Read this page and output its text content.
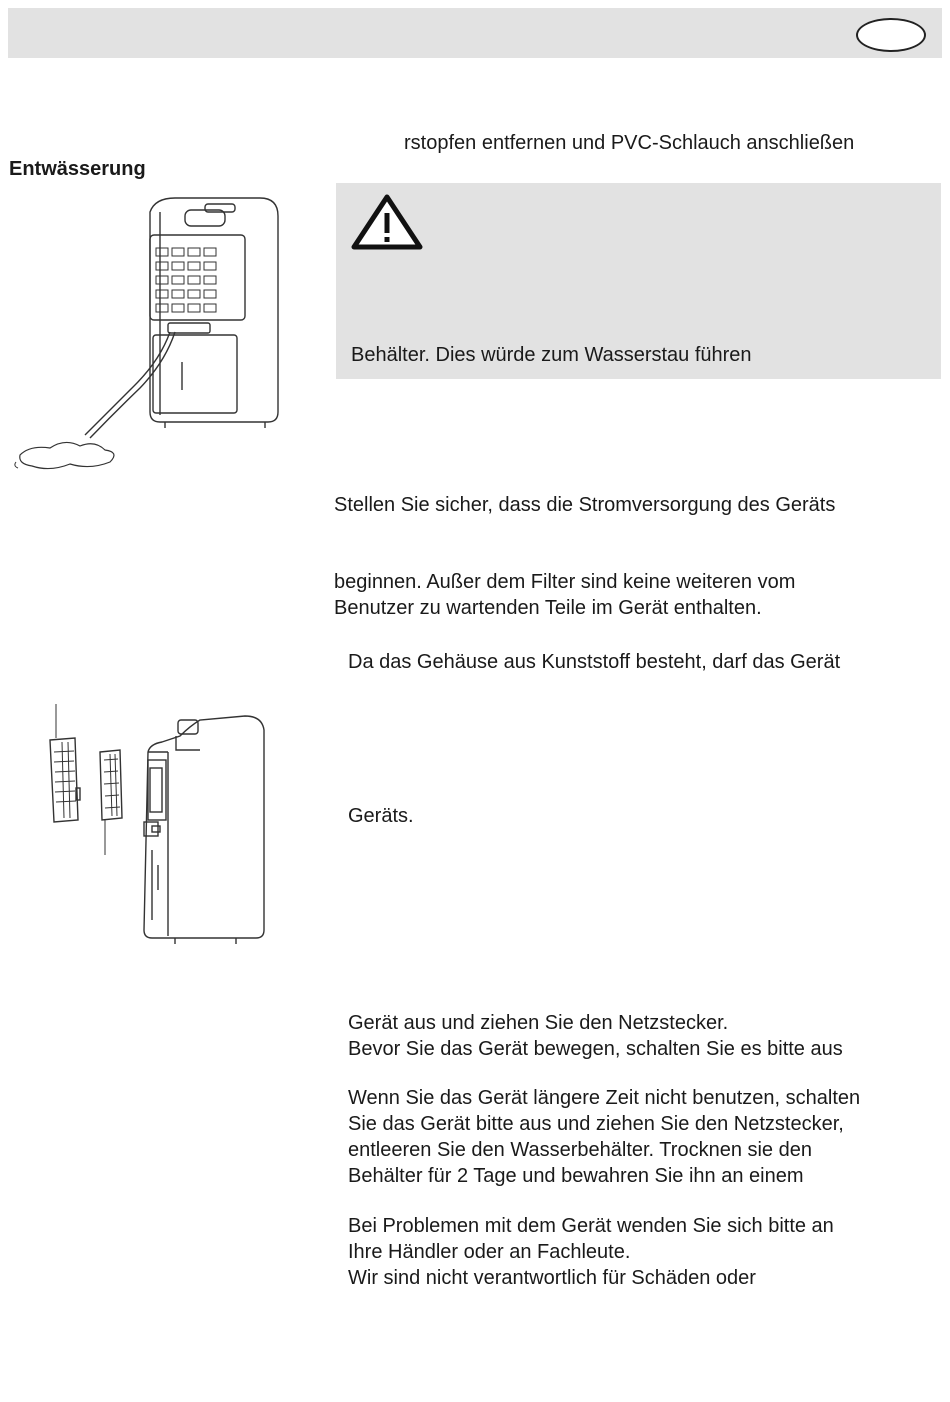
rstopfen entfernen und PVC-Schlauch anschließen
Entwässerung
Behälter. Dies würde zum Wasserstau führen
Stellen Sie sicher, dass die Stromversorgung des Geräts
beginnen. Außer dem Filter sind keine weiteren vom
Benutzer zu wartenden Teile im Gerät enthalten.
Da das Gehäuse aus Kunststoff besteht, darf das Gerät
Geräts.
Gerät aus und ziehen Sie den Netzstecker.
Bevor Sie das Gerät bewegen, schalten Sie es bitte aus
Wenn Sie das Gerät längere Zeit nicht benutzen, schalten
Sie das Gerät bitte aus und ziehen Sie den Netzstecker,
entleeren Sie den Wasserbehälter. Trocknen sie den
Behälter für 2 Tage und bewahren Sie ihn an einem
Bei Problemen mit dem Gerät wenden Sie sich bitte an
Ihre Händler oder an Fachleute.
Wir sind nicht verantwortlich für Schäden oder
